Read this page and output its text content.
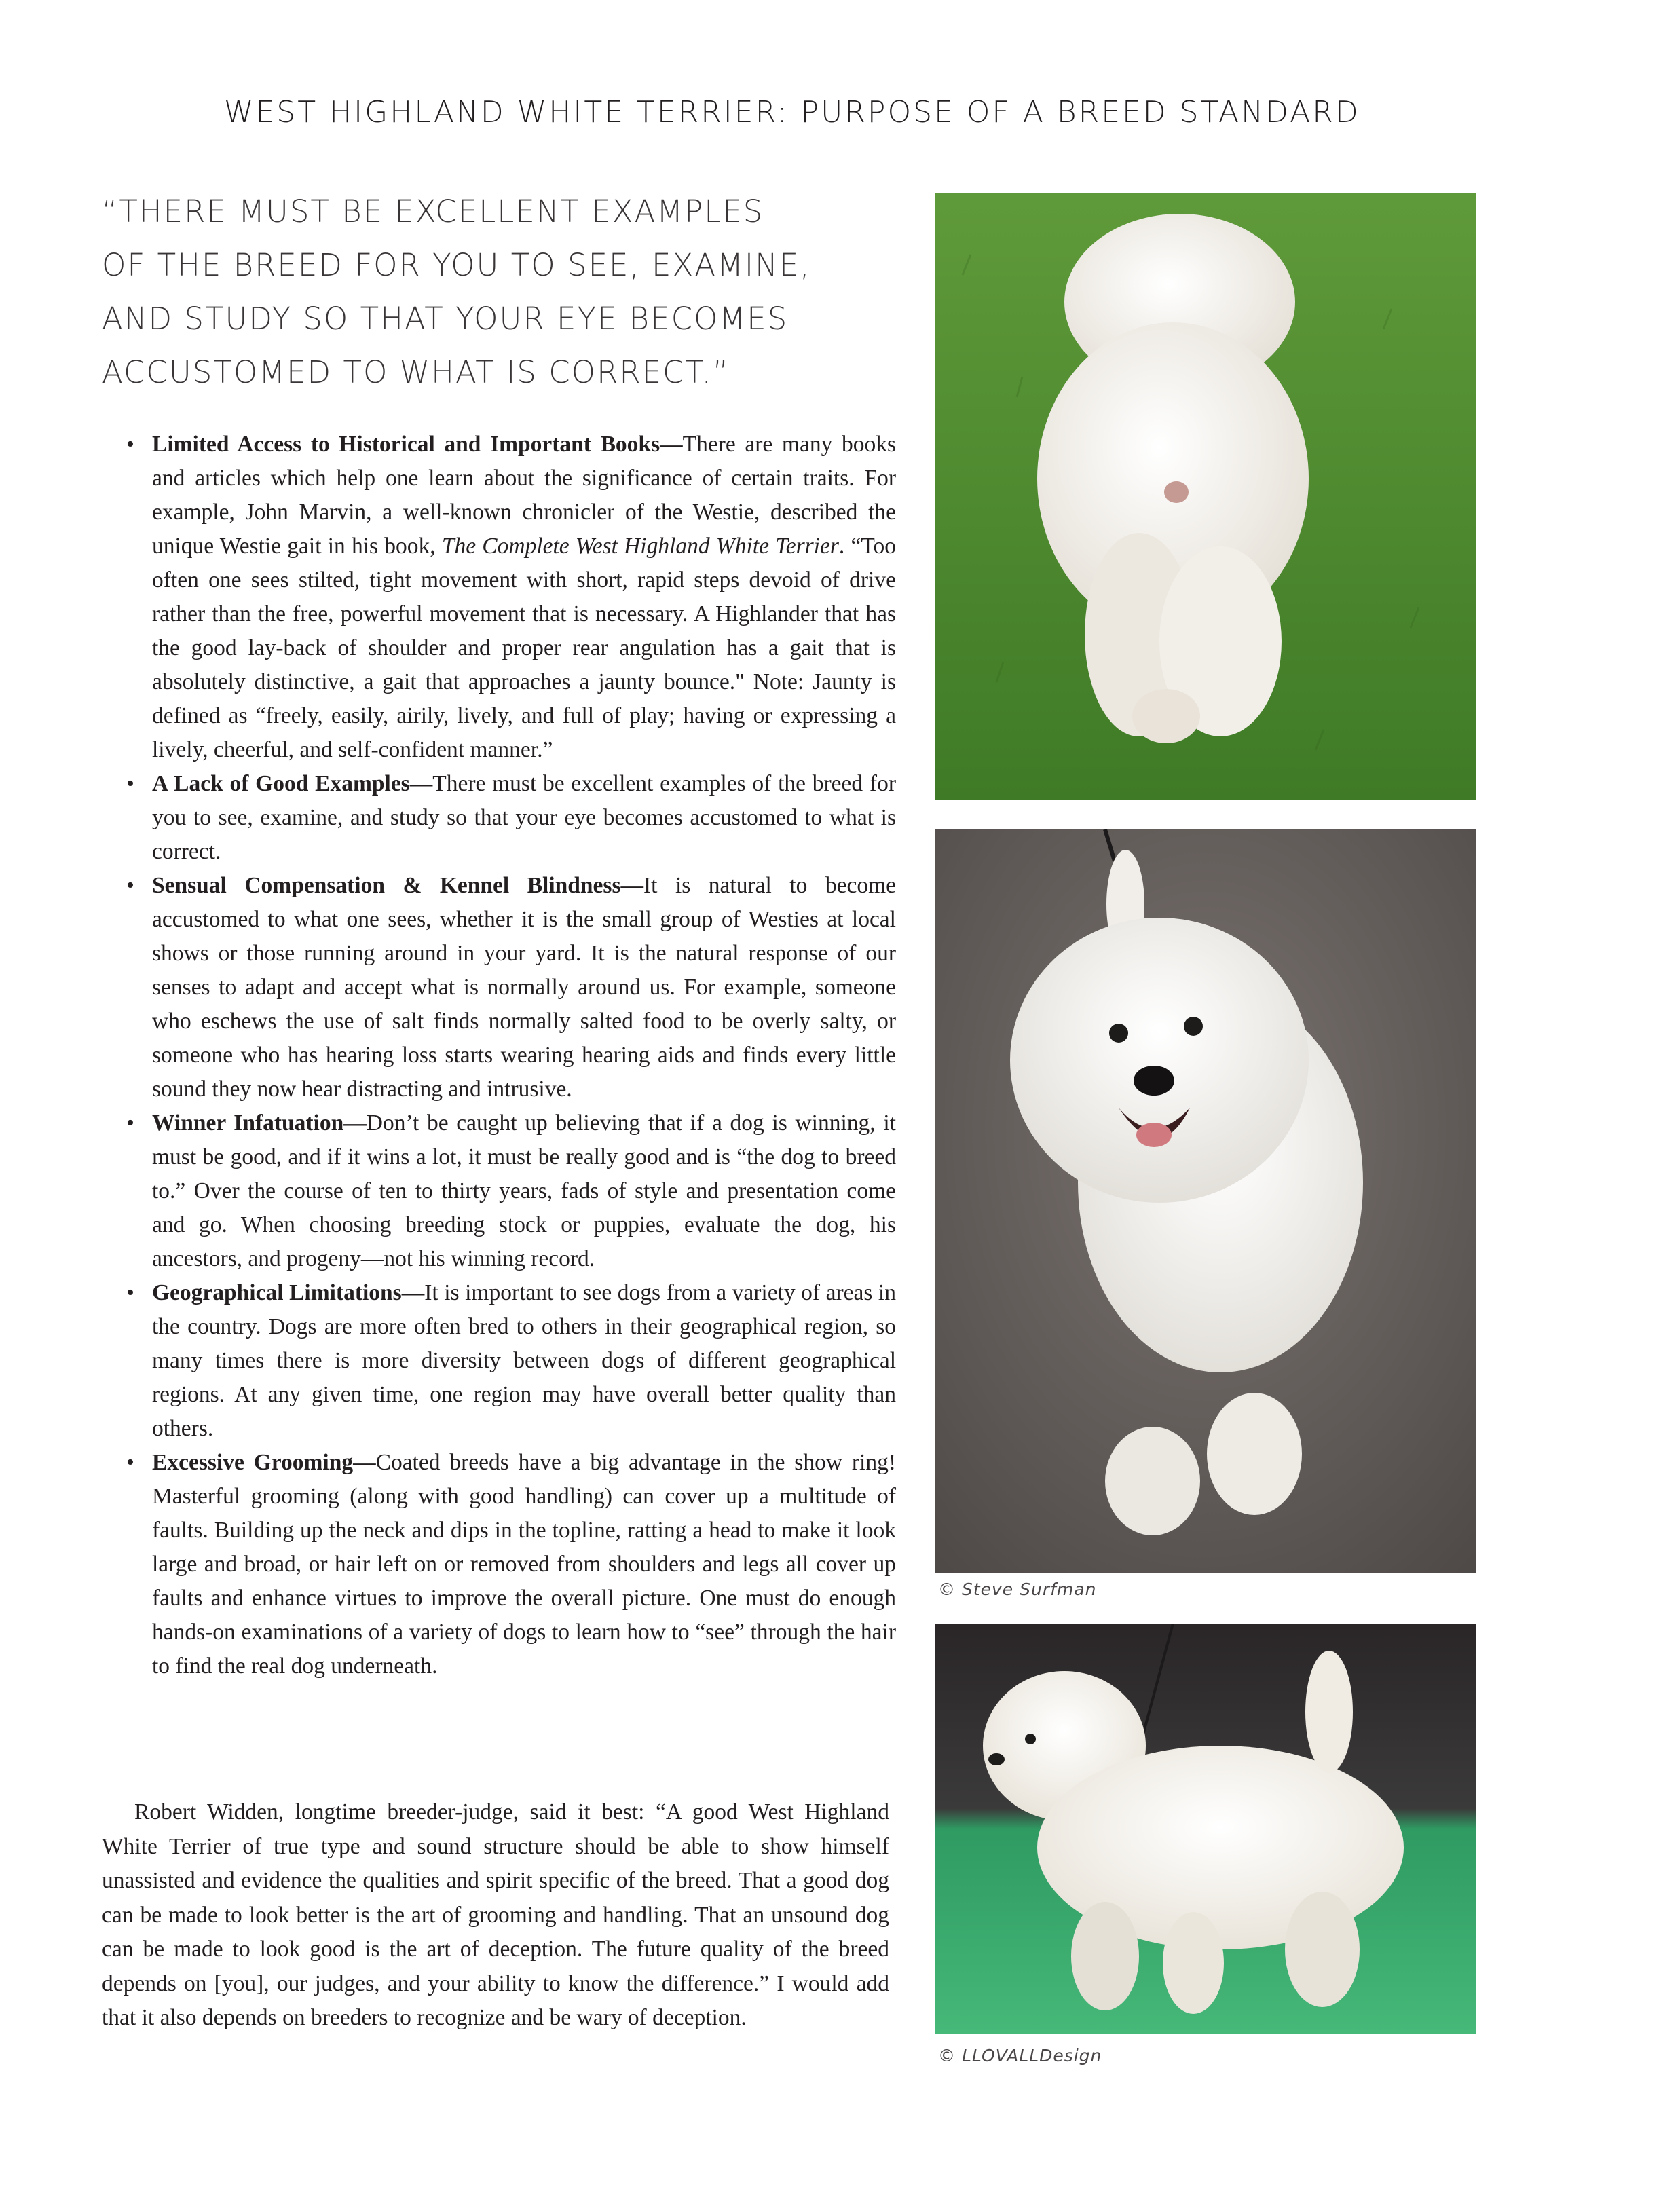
WEST HIGHLAND WHITE TERRIER: PURPOSE OF A BREED STANDARD
“THERE MUST BE EXCELLENT EXAMPLES
OF THE BREED FOR YOU TO SEE, EXAMINE,
AND STUDY SO THAT YOUR EYE BECOMES
ACCUSTOMED TO WHAT IS CORRECT.”
• Limited Access to Historical and Important Books—There are many books and articles which help one learn about the significance of certain traits. For example, John Marvin, a well-known chronicler of the Westie, described the unique Westie gait in his book, The Complete West Highland White Terrier. “Too often one sees stilted, tight movement with short, rapid steps devoid of drive rather than the free, powerful movement that is necessary. A Highlander that has the good lay-back of shoulder and proper rear angulation has a gait that is absolutely distinctive, a gait that approaches a jaunty bounce." Note: Jaunty is defined as “freely, easily, airily, lively, and full of play; having or expressing a lively, cheerful, and self-confident manner.”
• A Lack of Good Examples—There must be excellent examples of the breed for you to see, examine, and study so that your eye becomes accustomed to what is correct.
• Sensual Compensation & Kennel Blindness—It is natural to become accustomed to what one sees, whether it is the small group of Westies at local shows or those running around in your yard. It is the natural response of our senses to adapt and accept what is normally around us. For example, someone who eschews the use of salt finds normally salted food to be overly salty, or someone who has hearing loss starts wearing hearing aids and finds every little sound they now hear distracting and intrusive.
• Winner Infatuation—Don’t be caught up believing that if a dog is winning, it must be good, and if it wins a lot, it must be really good and is “the dog to breed to.” Over the course of ten to thirty years, fads of style and presentation come and go. When choosing breeding stock or puppies, evaluate the dog, his ancestors, and progeny—not his winning record.
• Geographical Limitations—It is important to see dogs from a variety of areas in the country. Dogs are more often bred to others in their geographical region, so many times there is more diversity between dogs of different geographical regions. At any given time, one region may have overall better quality than others.
• Excessive Grooming—Coated breeds have a big advantage in the show ring! Masterful grooming (along with good handling) can cover up a multitude of faults. Building up the neck and dips in the topline, ratting a head to make it look large and broad, or hair left on or removed from shoulders and legs all cover up faults and enhance virtues to improve the overall picture. One must do enough hands-on examinations of a variety of dogs to learn how to “see” through the hair to find the real dog underneath.

Robert Widden, longtime breeder-judge, said it best: “A good West Highland White Terrier of true type and sound structure should be able to show himself unassisted and evidence the qualities and spirit specific of the breed. That a good dog can be made to look better is the art of grooming and handling. That an unsound dog can be made to look good is the art of deception. The future quality of the breed depends on [you], our judges, and your ability to know the difference.” I would add that it also depends on breeders to recognize and be wary of deception.

© Steve Surfman
© LLOVALLDesign
